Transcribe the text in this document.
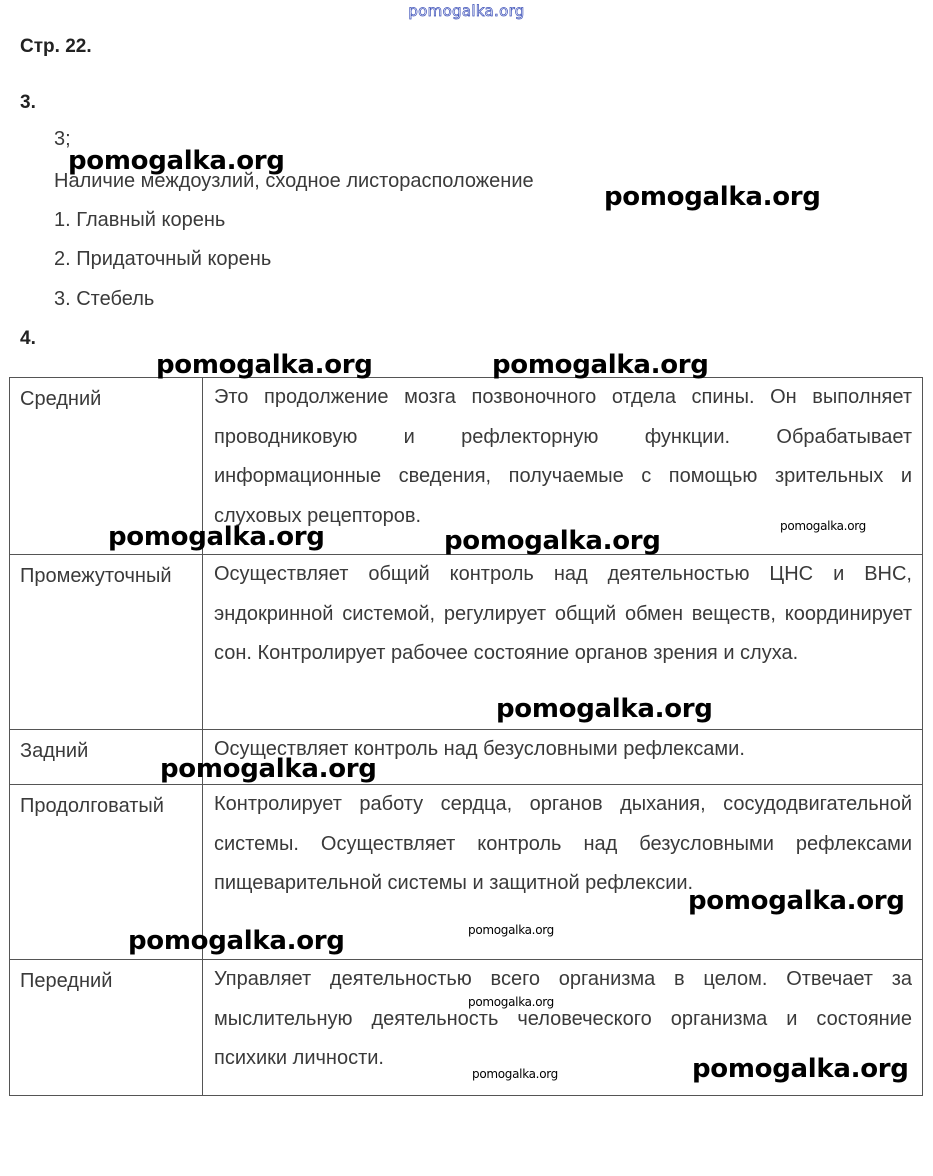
pomogalka.org
Стр. 22.
3.
3;
Наличие междоузлий, сходное листорасположение
1. Главный корень
2. Придаточный корень
3. Стебель
4.
Средний	Это продолжение мозга позвоночного отдела спины. Он выполняет проводниковую и рефлекторную функции. Обрабатывает информационные сведения, получаемые с помощью зрительных и слуховых рецепторов.
Промежуточный	Осуществляет общий контроль над деятельностью ЦНС и ВНС, эндокринной системой, регулирует общий обмен веществ, координирует сон. Контролирует рабочее состояние органов зрения и слуха.
Задний	Осуществляет контроль над безусловными рефлексами.
Продолговатый	Контролирует работу сердца, органов дыхания, сосудодвигательной системы. Осуществляет контроль над безусловными рефлексами пищеварительной системы и защитной рефлексии.
Передний	Управляет деятельностью всего организма в целом. Отвечает за мыслительную деятельность человеческого организма и состояние психики личности.
pomogalka.org
pomogalka.org
pomogalka.org	pomogalka.org
pomogalka.org
pomogalka.org	pomogalka.org
pomogalka.org
pomogalka.org
pomogalka.org
pomogalka.org
pomogalka.org
pomogalka.org
pomogalka.org	pomogalka.org
